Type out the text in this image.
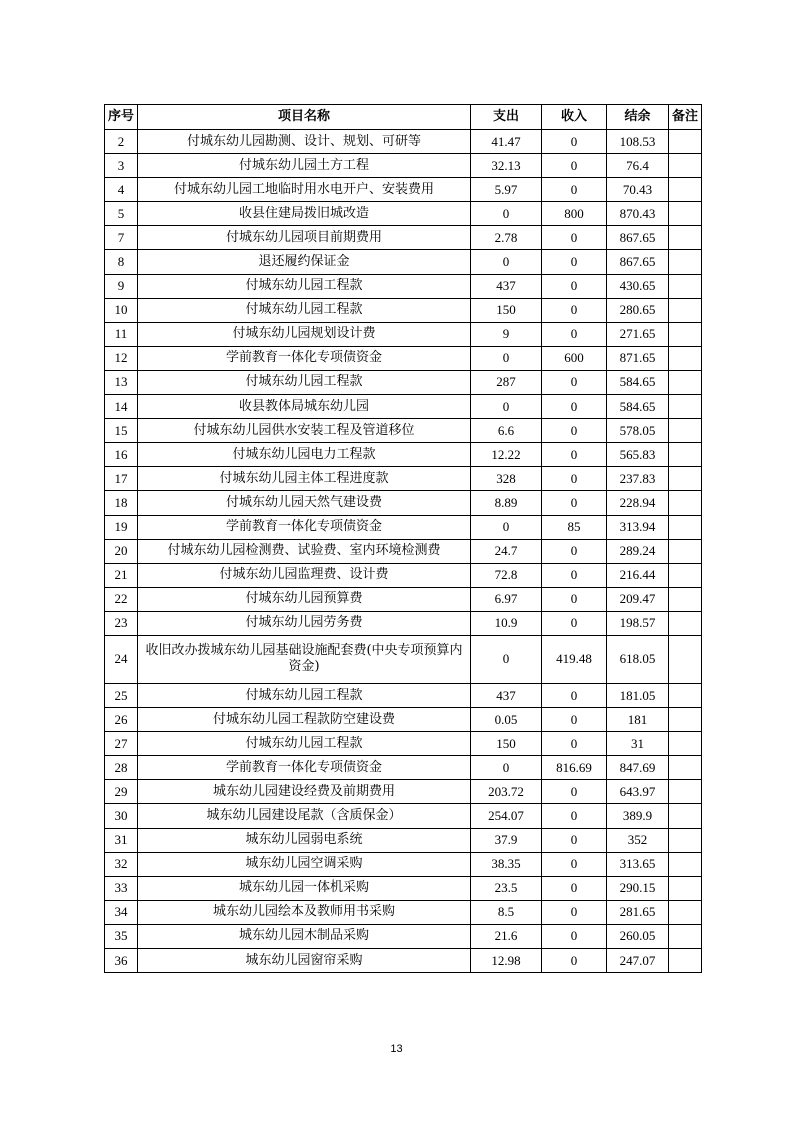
序号	项目名称	支出	收入	结余	备注
2	付城东幼儿园勘测、设计、规划、可研等	41.47	0	108.53	
3	付城东幼儿园土方工程	32.13	0	76.4	
4	付城东幼儿园工地临时用水电开户、安装费用	5.97	0	70.43	
5	收县住建局拨旧城改造	0	800	870.43	
7	付城东幼儿园项目前期费用	2.78	0	867.65	
8	退还履约保证金	0	0	867.65	
9	付城东幼儿园工程款	437	0	430.65	
10	付城东幼儿园工程款	150	0	280.65	
11	付城东幼儿园规划设计费	9	0	271.65	
12	学前教育一体化专项债资金	0	600	871.65	
13	付城东幼儿园工程款	287	0	584.65	
14	收县教体局城东幼儿园	0	0	584.65	
15	付城东幼儿园供水安装工程及管道移位	6.6	0	578.05	
16	付城东幼儿园电力工程款	12.22	0	565.83	
17	付城东幼儿园主体工程进度款	328	0	237.83	
18	付城东幼儿园天然气建设费	8.89	0	228.94	
19	学前教育一体化专项债资金	0	85	313.94	
20	付城东幼儿园检测费、试验费、室内环境检测费	24.7	0	289.24	
21	付城东幼儿园监理费、设计费	72.8	0	216.44	
22	付城东幼儿园预算费	6.97	0	209.47	
23	付城东幼儿园劳务费	10.9	0	198.57	
24	收旧改办拨城东幼儿园基础设施配套费(中央专项预算内资金)	0	419.48	618.05	
25	付城东幼儿园工程款	437	0	181.05	
26	付城东幼儿园工程款防空建设费	0.05	0	181	
27	付城东幼儿园工程款	150	0	31	
28	学前教育一体化专项债资金	0	816.69	847.69	
29	城东幼儿园建设经费及前期费用	203.72	0	643.97	
30	城东幼儿园建设尾款（含质保金）	254.07	0	389.9	
31	城东幼儿园弱电系统	37.9	0	352	
32	城东幼儿园空调采购	38.35	0	313.65	
33	城东幼儿园一体机采购	23.5	0	290.15	
34	城东幼儿园绘本及教师用书采购	8.5	0	281.65	
35	城东幼儿园木制品采购	21.6	0	260.05	
36	城东幼儿园窗帘采购	12.98	0	247.07	
13
